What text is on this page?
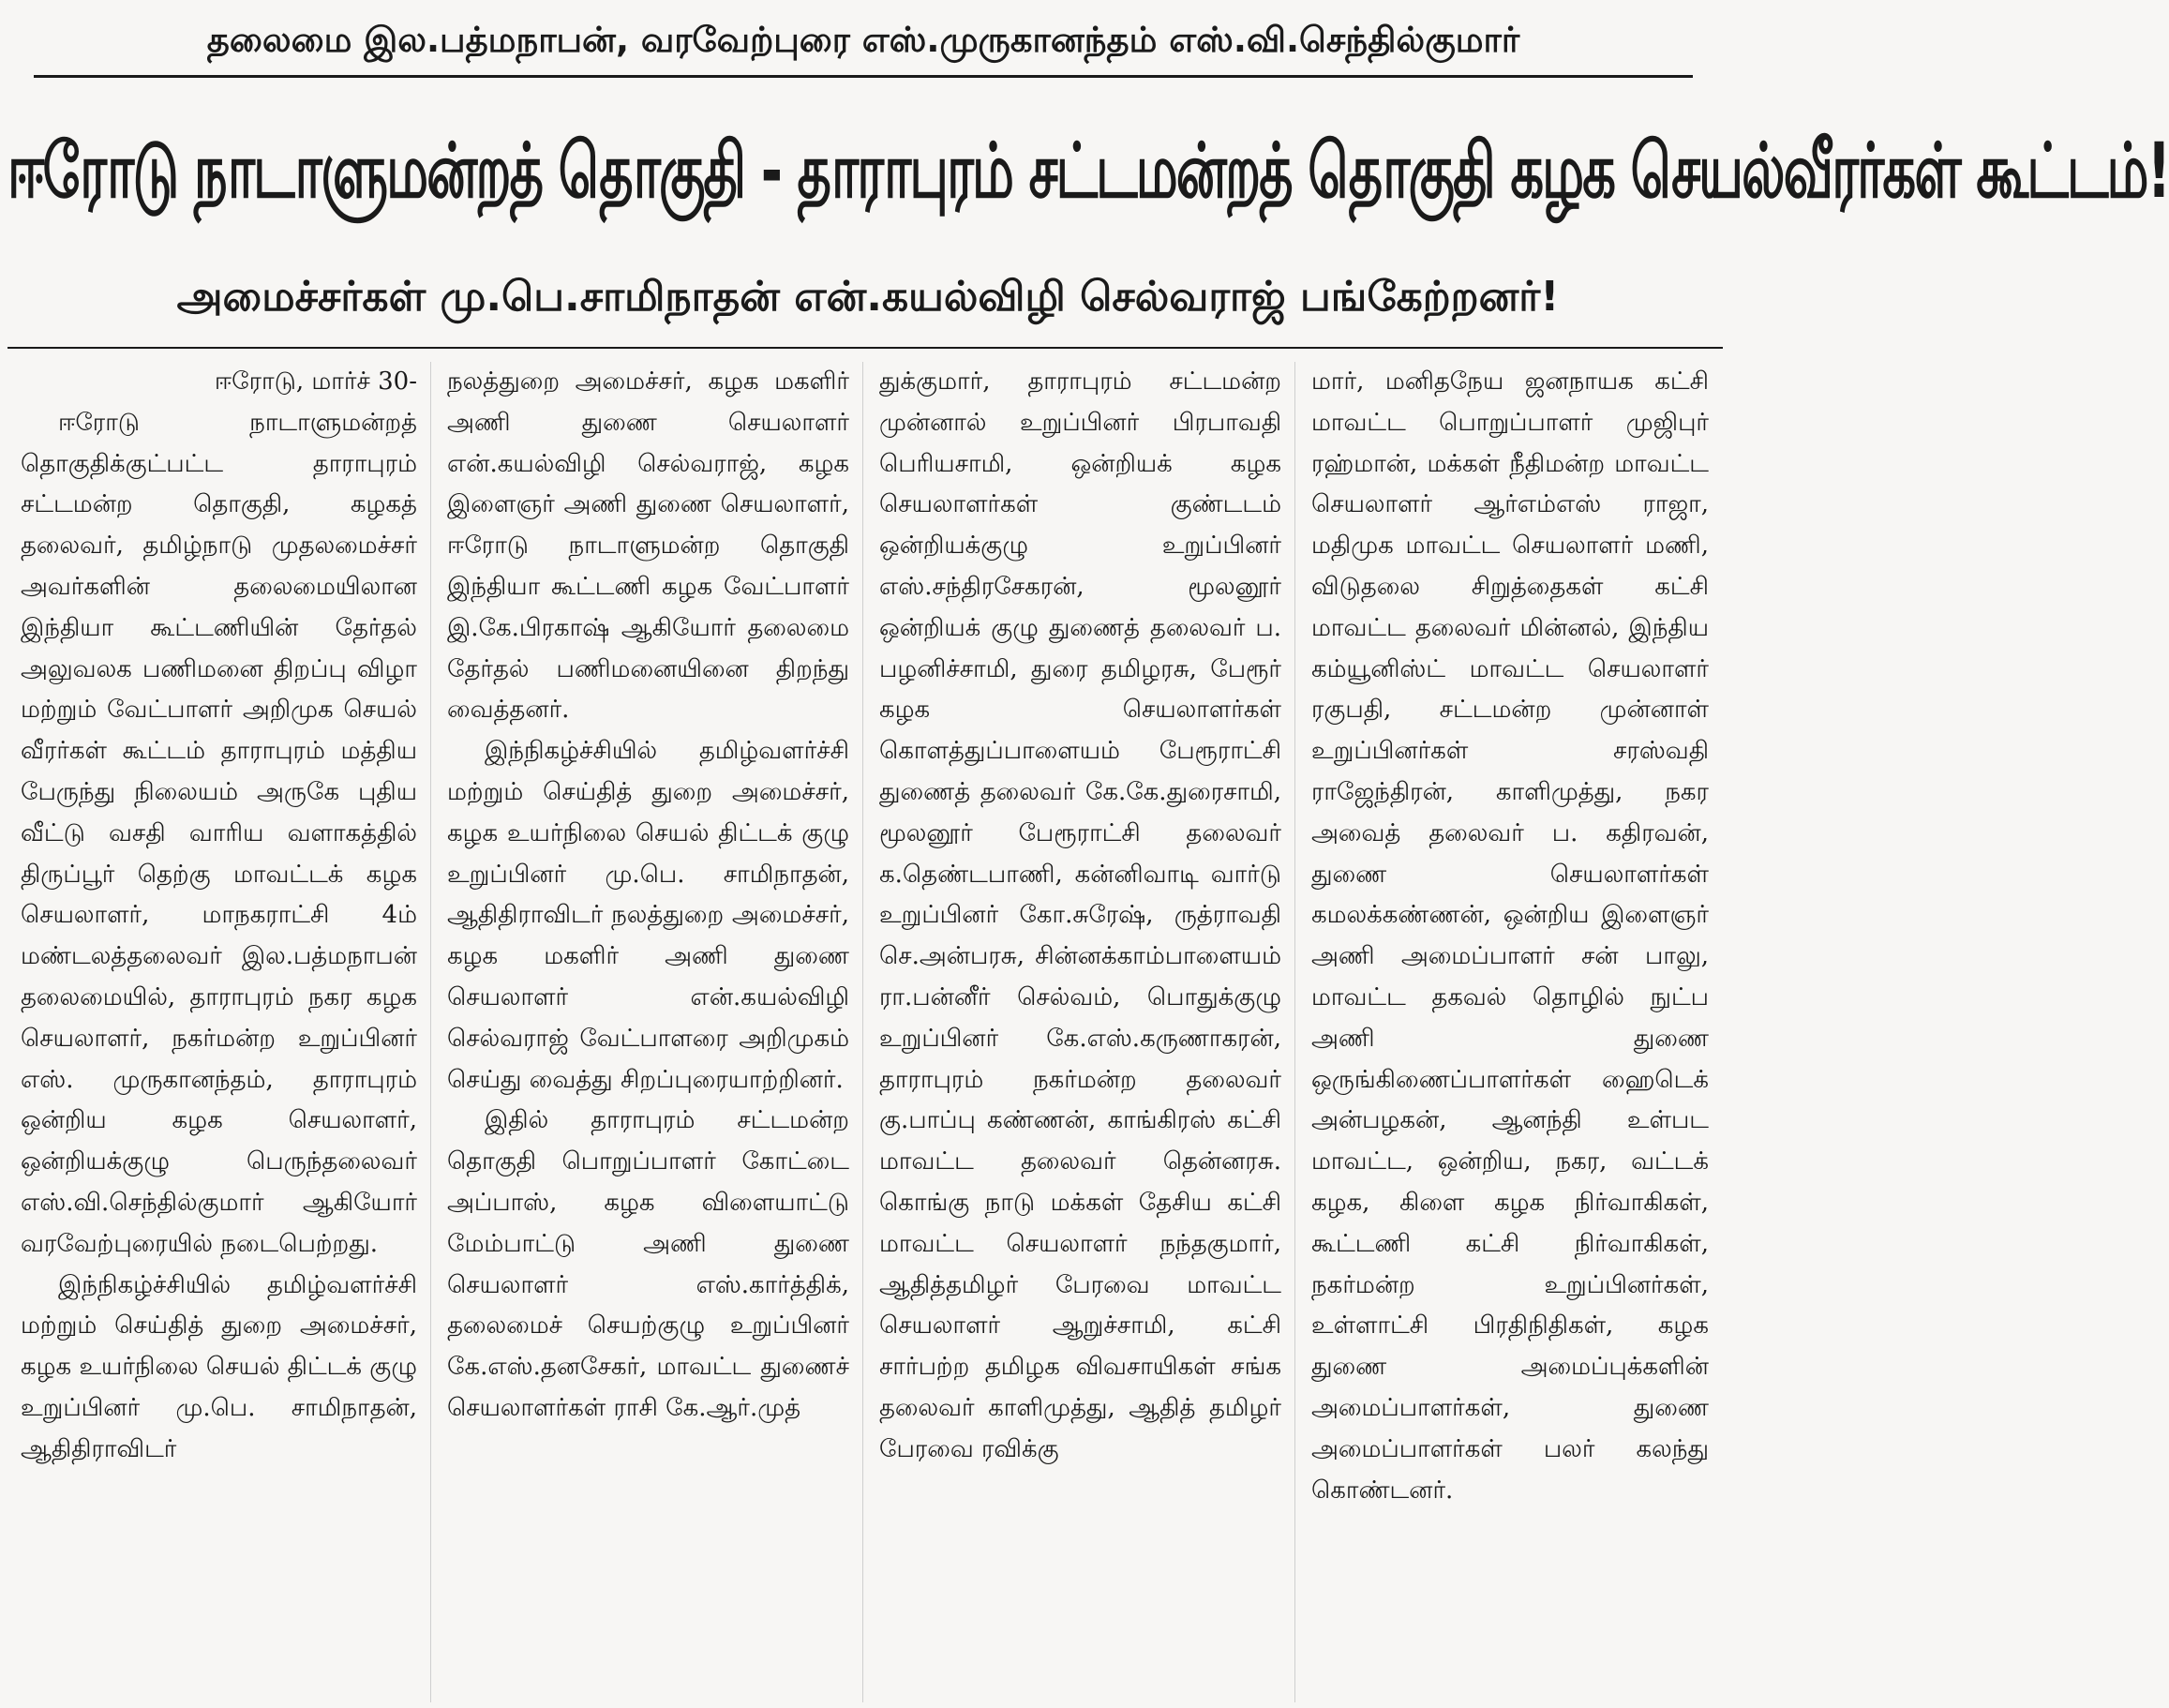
தலைமை இல.பத்மநாபன், வரவேற்புரை எஸ்.முருகானந்தம் எஸ்.வி.செந்தில்குமார்
ஈரோடு நாடாளுமன்றத் தொகுதி - தாராபுரம் சட்டமன்றத் தொகுதி கழக செயல்வீரர்கள் கூட்டம்!
அமைச்சர்கள் மு.பெ.சாமிநாதன் என்.கயல்விழி செல்வராஜ் பங்கேற்றனர்!

ஈரோடு, மார்ச் 30-

ஈரோடு நாடாளுமன்றத் தொகுதிக்குட்பட்ட தாராபுரம் சட்டமன்ற தொகுதி, கழகத் தலைவர், தமிழ்நாடு முதலமைச்சர் அவர்களின் தலைமையிலான இந்தியா கூட்டணியின் தேர்தல் அலுவலக பணிமனை திறப்பு விழா மற்றும் வேட்பாளர் அறிமுக செயல் வீரர்கள் கூட்டம் தாராபுரம் மத்திய பேருந்து நிலையம் அருகே புதிய வீட்டு வசதி வாரிய வளாகத்தில் திருப்பூர் தெற்கு மாவட்டக் கழக செயலாளர், மாநகராட்சி 4ம் மண்டலத்தலைவர் இல.பத்மநாபன் தலைமையில், தாராபுரம் நகர கழக செயலாளர், நகர்மன்ற உறுப்பினர் எஸ். முருகானந்தம், தாராபுரம் ஒன்றிய கழக செயலாளர், ஒன்றியக்குழு பெருந்தலைவர் எஸ்.வி.செந்தில்குமார் ஆகியோர் வரவேற்புரையில் நடைபெற்றது.

இந்நிகழ்ச்சியில் தமிழ்வளர்ச்சி மற்றும் செய்தித் துறை அமைச்சர், கழக உயர்நிலை செயல் திட்டக் குழு உறுப்பினர் மு.பெ. சாமிநாதன், ஆதிதிராவிடர்

நலத்துறை அமைச்சர், கழக மகளிர் அணி துணை செயலாளர் என்.கயல்விழி செல்வராஜ், கழக இளைஞர் அணி துணை செயலாளர், ஈரோடு நாடாளுமன்ற தொகுதி இந்தியா கூட்டணி கழக வேட்பாளர் இ.கே.பிரகாஷ் ஆகியோர் தலைமை தேர்தல் பணிமனையினை திறந்து வைத்தனர்.

இந்நிகழ்ச்சியில் தமிழ்வளர்ச்சி மற்றும் செய்தித் துறை அமைச்சர், கழக உயர்நிலை செயல் திட்டக் குழு உறுப்பினர் மு.பெ. சாமிநாதன், ஆதிதிராவிடர் நலத்துறை அமைச்சர், கழக மகளிர் அணி துணை செயலாளர் என்.கயல்விழி செல்வராஜ் வேட்பாளரை அறிமுகம் செய்து வைத்து சிறப்புரையாற்றினர்.

இதில் தாராபுரம் சட்டமன்ற தொகுதி பொறுப்பாளர் கோட்டை அப்பாஸ், கழக விளையாட்டு மேம்பாட்டு அணி துணை செயலாளர் எஸ்.கார்த்திக், தலைமைச் செயற்குழு உறுப்பினர் கே.எஸ்.தனசேகர், மாவட்ட துணைச் செயலாளர்கள் ராசி கே.ஆர்.முத்

துக்குமார், தாராபுரம் சட்டமன்ற முன்னால் உறுப்பினர் பிரபாவதி பெரியசாமி, ஒன்றியக் கழக செயலாளர்கள் குண்டடம் ஒன்றியக்குழு உறுப்பினர் எஸ்.சந்திரசேகரன், மூலனூர் ஒன்றியக் குழு துணைத் தலைவர் ப. பழனிச்சாமி, துரை தமிழரசு, பேரூர் கழக செயலாளர்கள் கொளத்துப்பாளையம் பேரூராட்சி துணைத் தலைவர் கே.கே.துரைசாமி, மூலனூர் பேரூராட்சி தலைவர் க.தெண்டபாணி, கன்னிவாடி வார்டு உறுப்பினர் கோ.சுரேஷ், ருத்ராவதி செ.அன்பரசு, சின்னக்காம்பாளையம் ரா.பன்னீர் செல்வம், பொதுக்குழு உறுப்பினர் கே.எஸ்.கருணாகரன், தாராபுரம் நகர்மன்ற தலைவர் கு.பாப்பு கண்ணன், காங்கிரஸ் கட்சி மாவட்ட தலைவர் தென்னரசு. கொங்கு நாடு மக்கள் தேசிய கட்சி மாவட்ட செயலாளர் நந்தகுமார், ஆதித்தமிழர் பேரவை மாவட்ட செயலாளர் ஆறுச்சாமி, கட்சி சார்பற்ற தமிழக விவசாயிகள் சங்க தலைவர் காளிமுத்து, ஆதித் தமிழர் பேரவை ரவிக்கு

மார், மனிதநேய ஜனநாயக கட்சி மாவட்ட பொறுப்பாளர் முஜிபுர் ரஹ்மான், மக்கள் நீதிமன்ற மாவட்ட செயலாளர் ஆர்எம்எஸ் ராஜா, மதிமுக மாவட்ட செயலாளர் மணி, விடுதலை சிறுத்தைகள் கட்சி மாவட்ட தலைவர் மின்னல், இந்திய கம்யூனிஸ்ட் மாவட்ட செயலாளர் ரகுபதி, சட்டமன்ற முன்னாள் உறுப்பினர்கள் சரஸ்வதி ராஜேந்திரன், காளிமுத்து, நகர அவைத் தலைவர் ப. கதிரவன், துணை செயலாளர்கள் கமலக்கண்ணன், ஒன்றிய இளைஞர் அணி அமைப்பாளர் சன் பாலு, மாவட்ட தகவல் தொழில் நுட்ப அணி துணை ஒருங்கிணைப்பாளர்கள் ஹைடெக் அன்பழகன், ஆனந்தி உள்பட மாவட்ட, ஒன்றிய, நகர, வட்டக் கழக, கிளை கழக நிர்வாகிகள், கூட்டணி கட்சி நிர்வாகிகள், நகர்மன்ற உறுப்பினர்கள், உள்ளாட்சி பிரதிநிதிகள், கழக துணை அமைப்புக்களின் அமைப்பாளர்கள், துணை அமைப்பாளர்கள் பலர் கலந்து கொண்டனர்.
